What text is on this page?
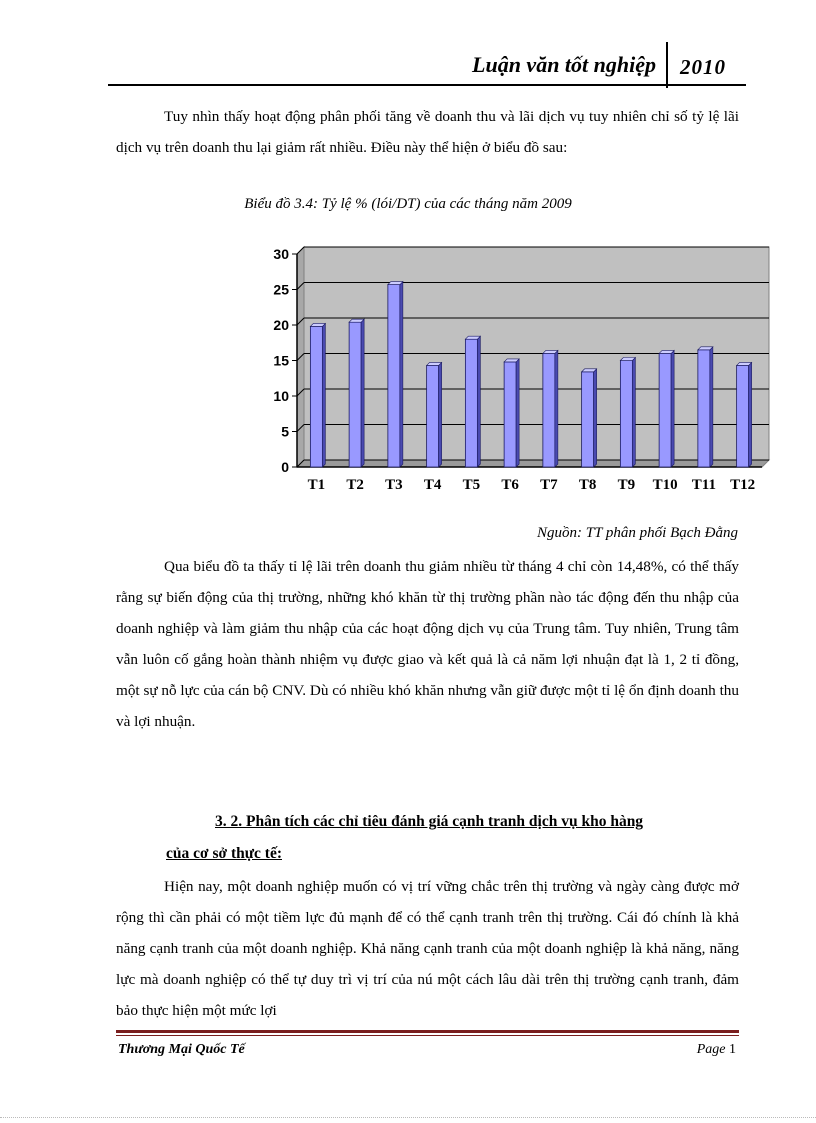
Luận văn tốt nghiệp 2010

Tuy nhìn thấy hoạt động phân phối tăng về doanh thu và lãi dịch vụ tuy nhiên chỉ số tỷ lệ lãi dịch vụ trên doanh thu lại giảm rất nhiều. Điều này thể hiện ở biểu đồ sau:

Biểu đồ 3.4: Tỷ lệ % (lói/DT) của các tháng năm 2009
0
5
10
15
20
25
30
T1 T2 T3 T4 T5 T6 T7 T8 T9 T10 T11 T12
Nguồn: TT phân phối Bạch Đằng

Qua biểu đồ ta thấy tỉ lệ lãi trên doanh thu giảm nhiều từ tháng 4 chỉ còn 14,48%, có thể thấy rằng sự biến động của thị trường, những khó khăn từ thị trường phần nào tác động đến thu nhập của doanh nghiệp và làm giảm thu nhập của các hoạt động dịch vụ của Trung tâm. Tuy nhiên, Trung tâm vẫn luôn cố gắng hoàn thành nhiệm vụ được giao và kết quả là cả năm lợi nhuận đạt là 1, 2 tỉ đồng, một sự nỗ lực của cán bộ CNV. Dù có nhiều khó khăn nhưng vẫn giữ được một tỉ lệ ổn định doanh thu và lợi nhuận.

3. 2. Phân tích các chỉ tiêu đánh giá cạnh tranh dịch vụ kho hàng
của cơ sở thực tế:

Hiện nay, một doanh nghiệp muốn có vị trí vững chắc trên thị trường và ngày càng được mở rộng thì cần phải có một tiềm lực đủ mạnh để có thể cạnh tranh trên thị trường. Cái đó chính là khả năng cạnh tranh của một doanh nghiệp. Khả năng cạnh tranh của một doanh nghiệp là khả năng, năng lực mà doanh nghiệp có thể tự duy trì vị trí của nú một cách lâu dài trên thị trường cạnh tranh, đảm bảo thực hiện một mức lợi

Thương Mại Quốc Tế	Page 1
